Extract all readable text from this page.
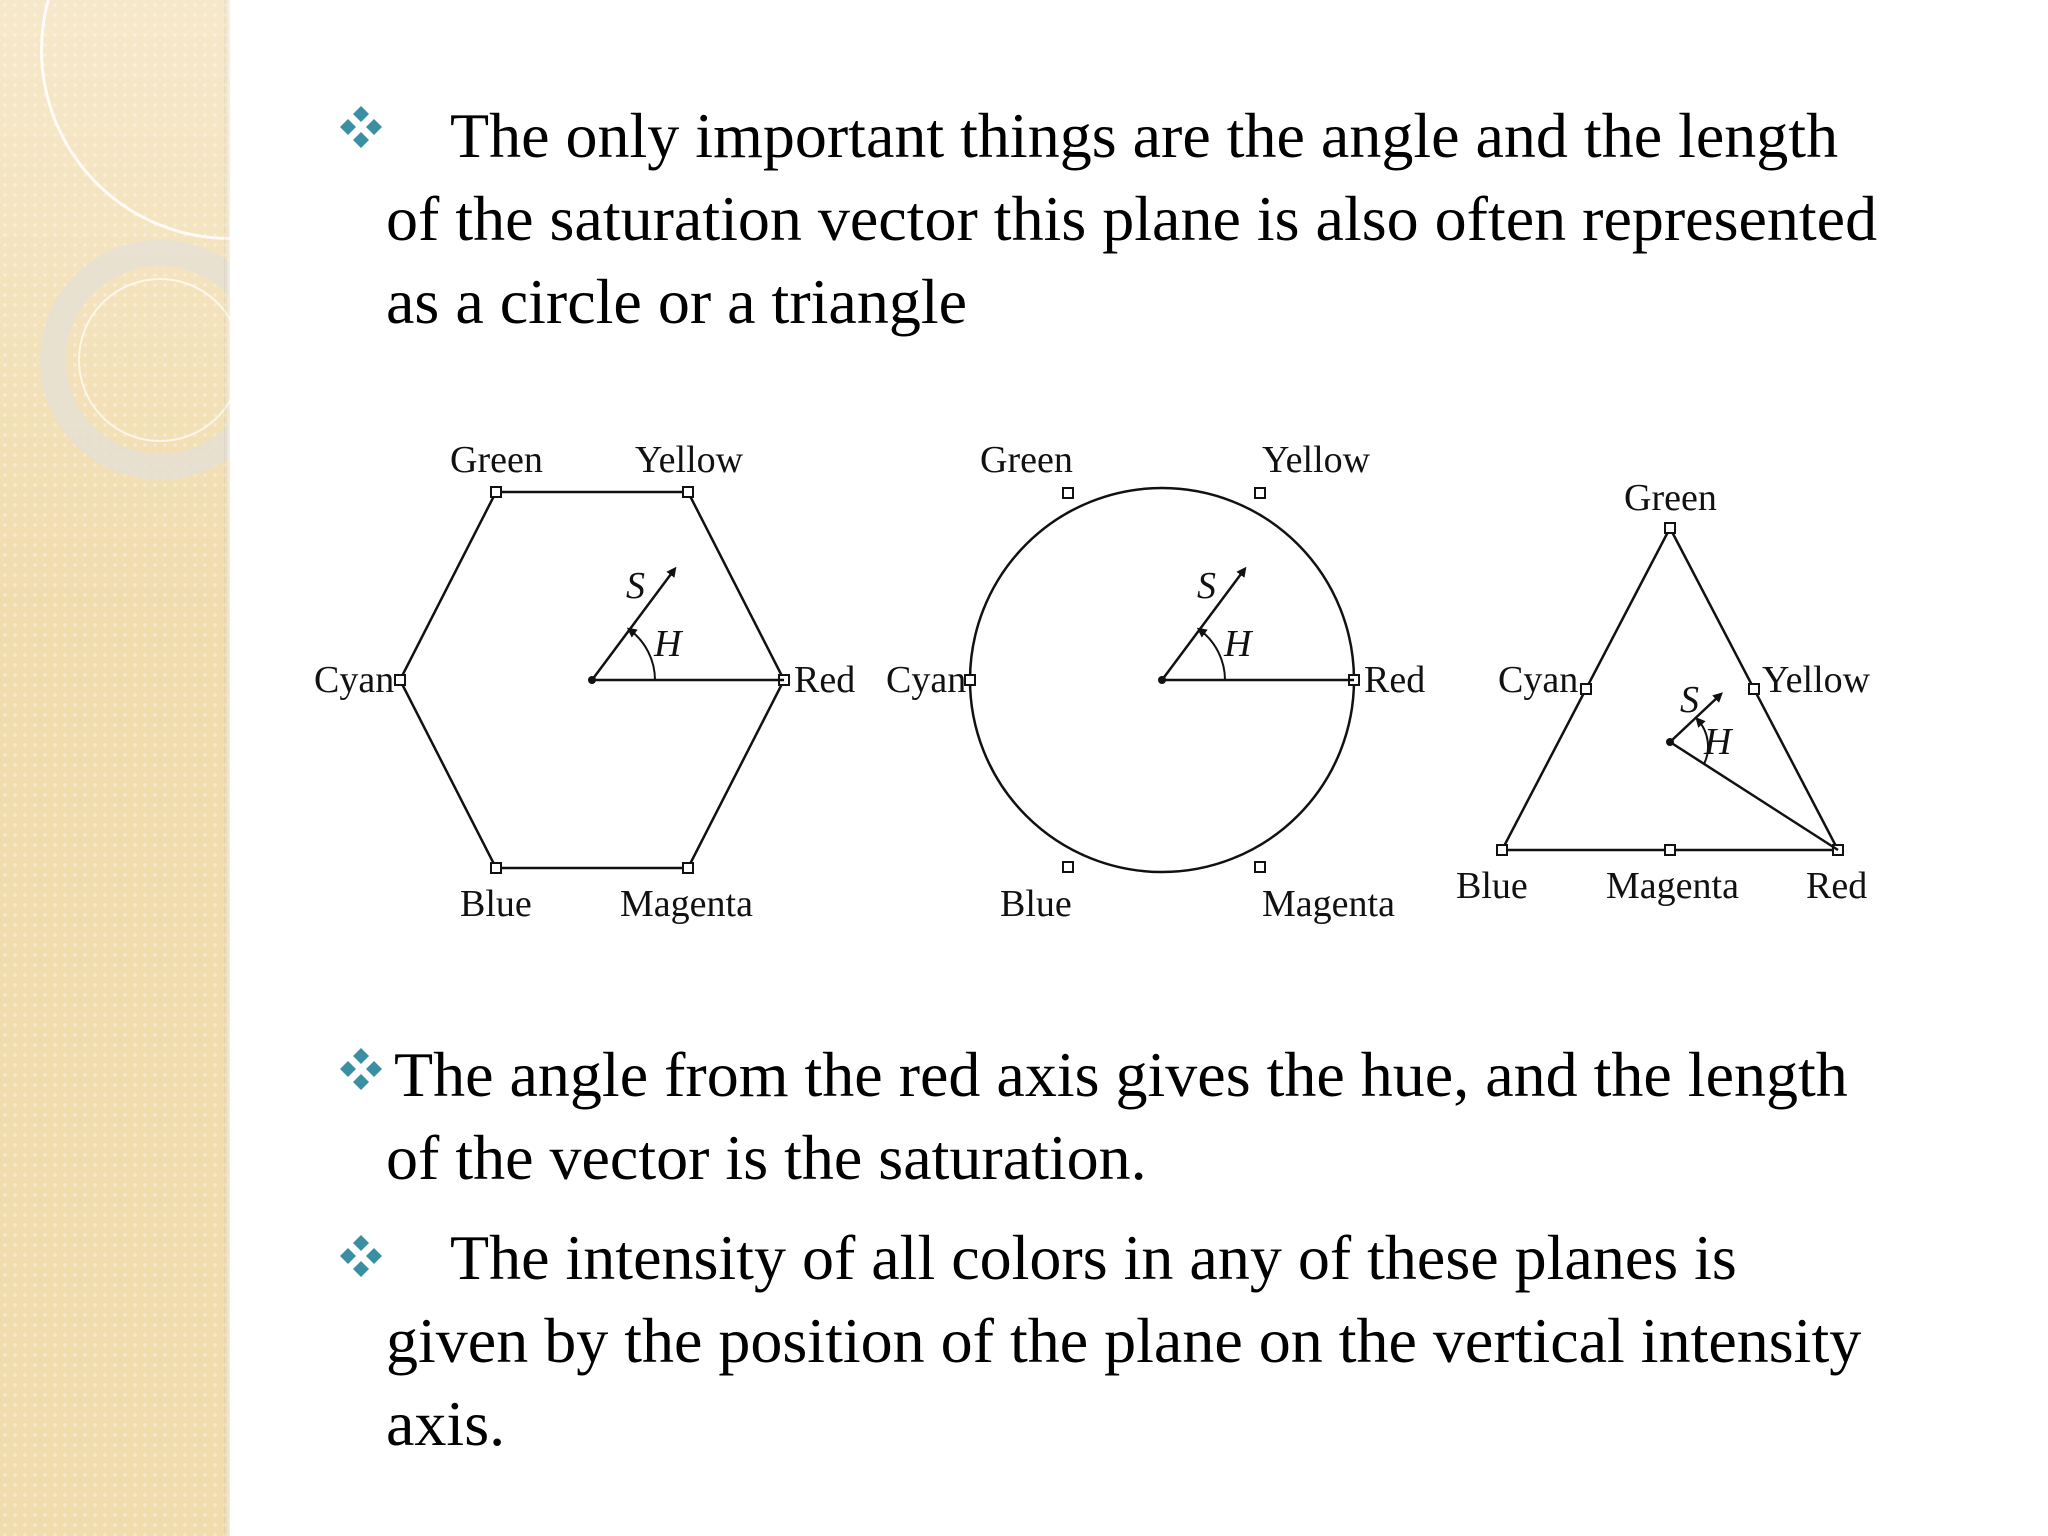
The only important things are the angle and the length of the saturation vector this plane is also often represented as a circle or a triangle

The angle from the red axis gives the hue, and the length of the vector is the saturation.

The intensity of all colors in any of these planes is given by the position of the plane on the vertical intensity axis.

S
H
Green Yellow
Cyan	Red
Blue Magenta
S
H
Green	Yellow
Cyan	Red
Blue	Magenta
S
H
Green
Cyan	Yellow
Blue Magenta Red
